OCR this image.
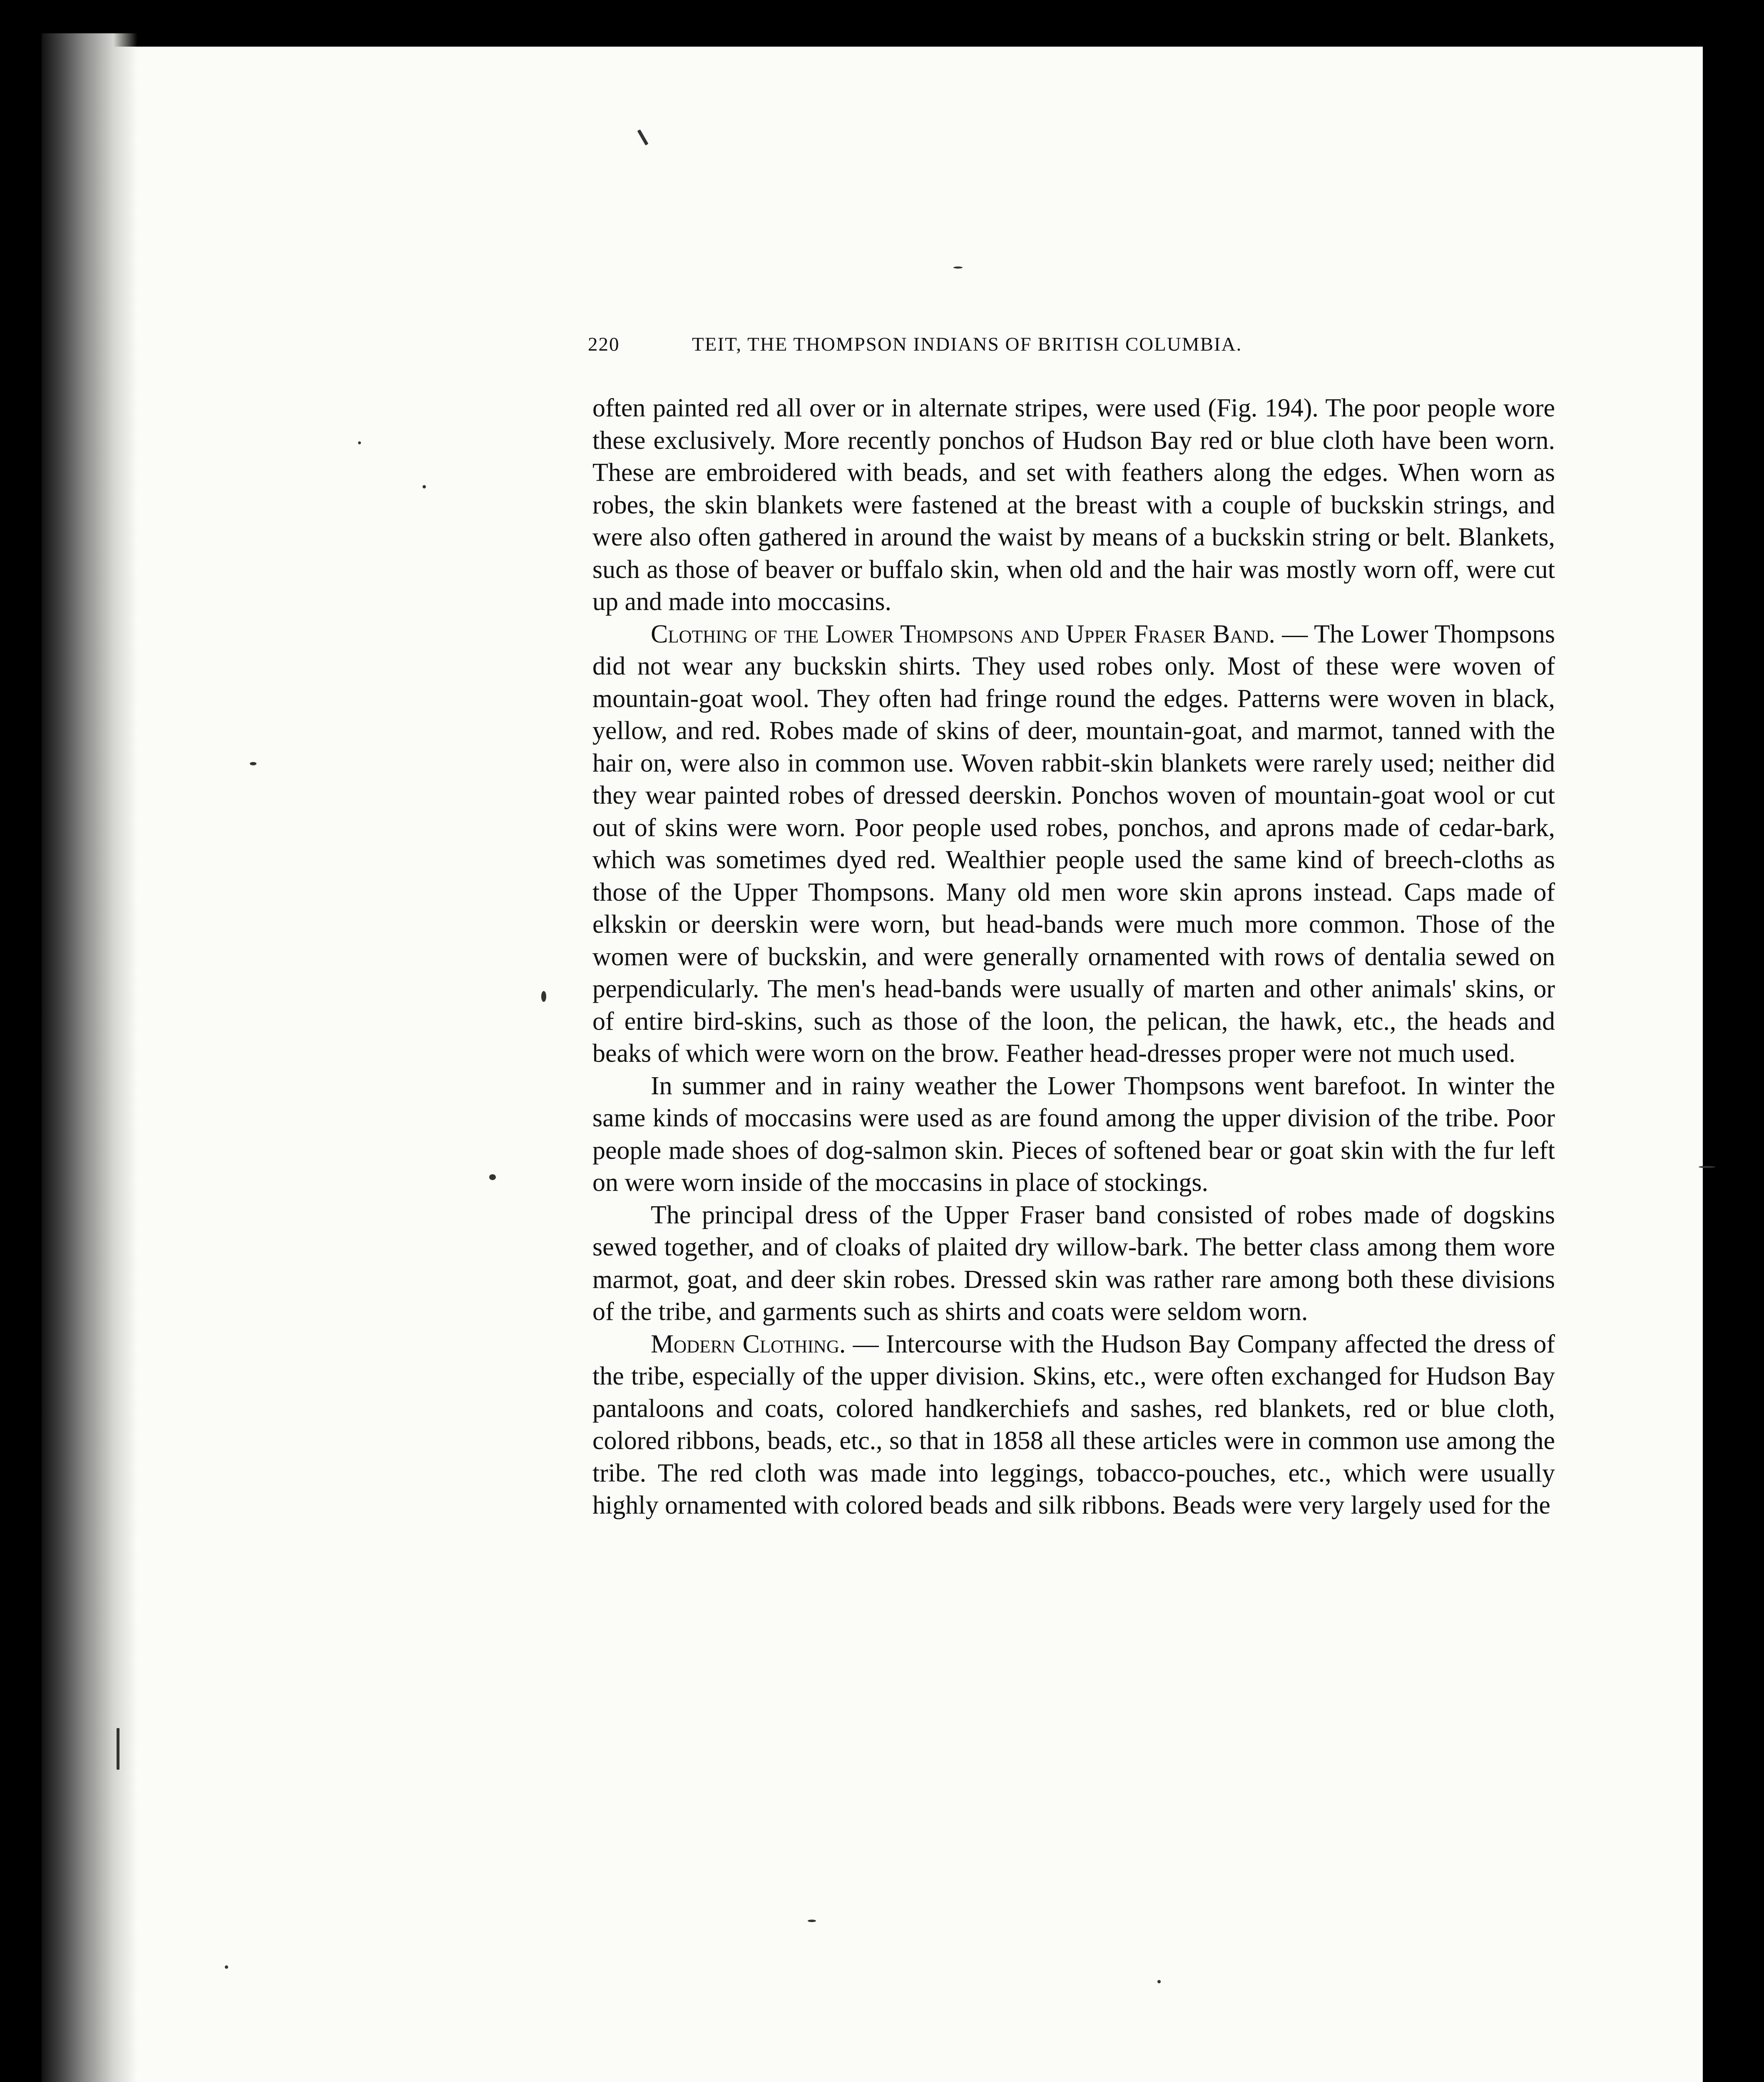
220	TEIT, THE THOMPSON INDIANS OF BRITISH COLUMBIA.

often painted red all over or in alternate stripes, were used (Fig. 194). The poor people wore these exclusively. More recently ponchos of Hudson Bay red or blue cloth have been worn. These are embroidered with beads, and set with feathers along the edges. When worn as robes, the skin blankets were fastened at the breast with a couple of buckskin strings, and were also often gathered in around the waist by means of a buckskin string or belt. Blankets, such as those of beaver or buffalo skin, when old and the hair was mostly worn off, were cut up and made into moccasins.

Clothing of the Lower Thompsons and Upper Fraser Band. — The Lower Thompsons did not wear any buckskin shirts. They used robes only. Most of these were woven of mountain-goat wool. They often had fringe round the edges. Patterns were woven in black, yellow, and red. Robes made of skins of deer, mountain-goat, and marmot, tanned with the hair on, were also in common use. Woven rabbit-skin blankets were rarely used; neither did they wear painted robes of dressed deerskin. Ponchos woven of mountain-goat wool or cut out of skins were worn. Poor people used robes, ponchos, and aprons made of cedar-bark, which was sometimes dyed red. Wealthier people used the same kind of breech-cloths as those of the Upper Thompsons. Many old men wore skin aprons instead. Caps made of elkskin or deerskin were worn, but head-bands were much more common. Those of the women were of buckskin, and were generally ornamented with rows of dentalia sewed on perpendicularly. The men's head-bands were usually of marten and other animals' skins, or of entire bird-skins, such as those of the loon, the pelican, the hawk, etc., the heads and beaks of which were worn on the brow. Feather head-dresses proper were not much used.

In summer and in rainy weather the Lower Thompsons went barefoot. In winter the same kinds of moccasins were used as are found among the upper division of the tribe. Poor people made shoes of dog-salmon skin. Pieces of softened bear or goat skin with the fur left on were worn inside of the moccasins in place of stockings.

The principal dress of the Upper Fraser band consisted of robes made of dogskins sewed together, and of cloaks of plaited dry willow-bark. The better class among them wore marmot, goat, and deer skin robes. Dressed skin was rather rare among both these divisions of the tribe, and garments such as shirts and coats were seldom worn.

Modern Clothing. — Intercourse with the Hudson Bay Company affected the dress of the tribe, especially of the upper division. Skins, etc., were often exchanged for Hudson Bay pantaloons and coats, colored handkerchiefs and sashes, red blankets, red or blue cloth, colored ribbons, beads, etc., so that in 1858 all these articles were in common use among the tribe. The red cloth was made into leggings, tobacco-pouches, etc., which were usually highly ornamented with colored beads and silk ribbons. Beads were very largely used for the
